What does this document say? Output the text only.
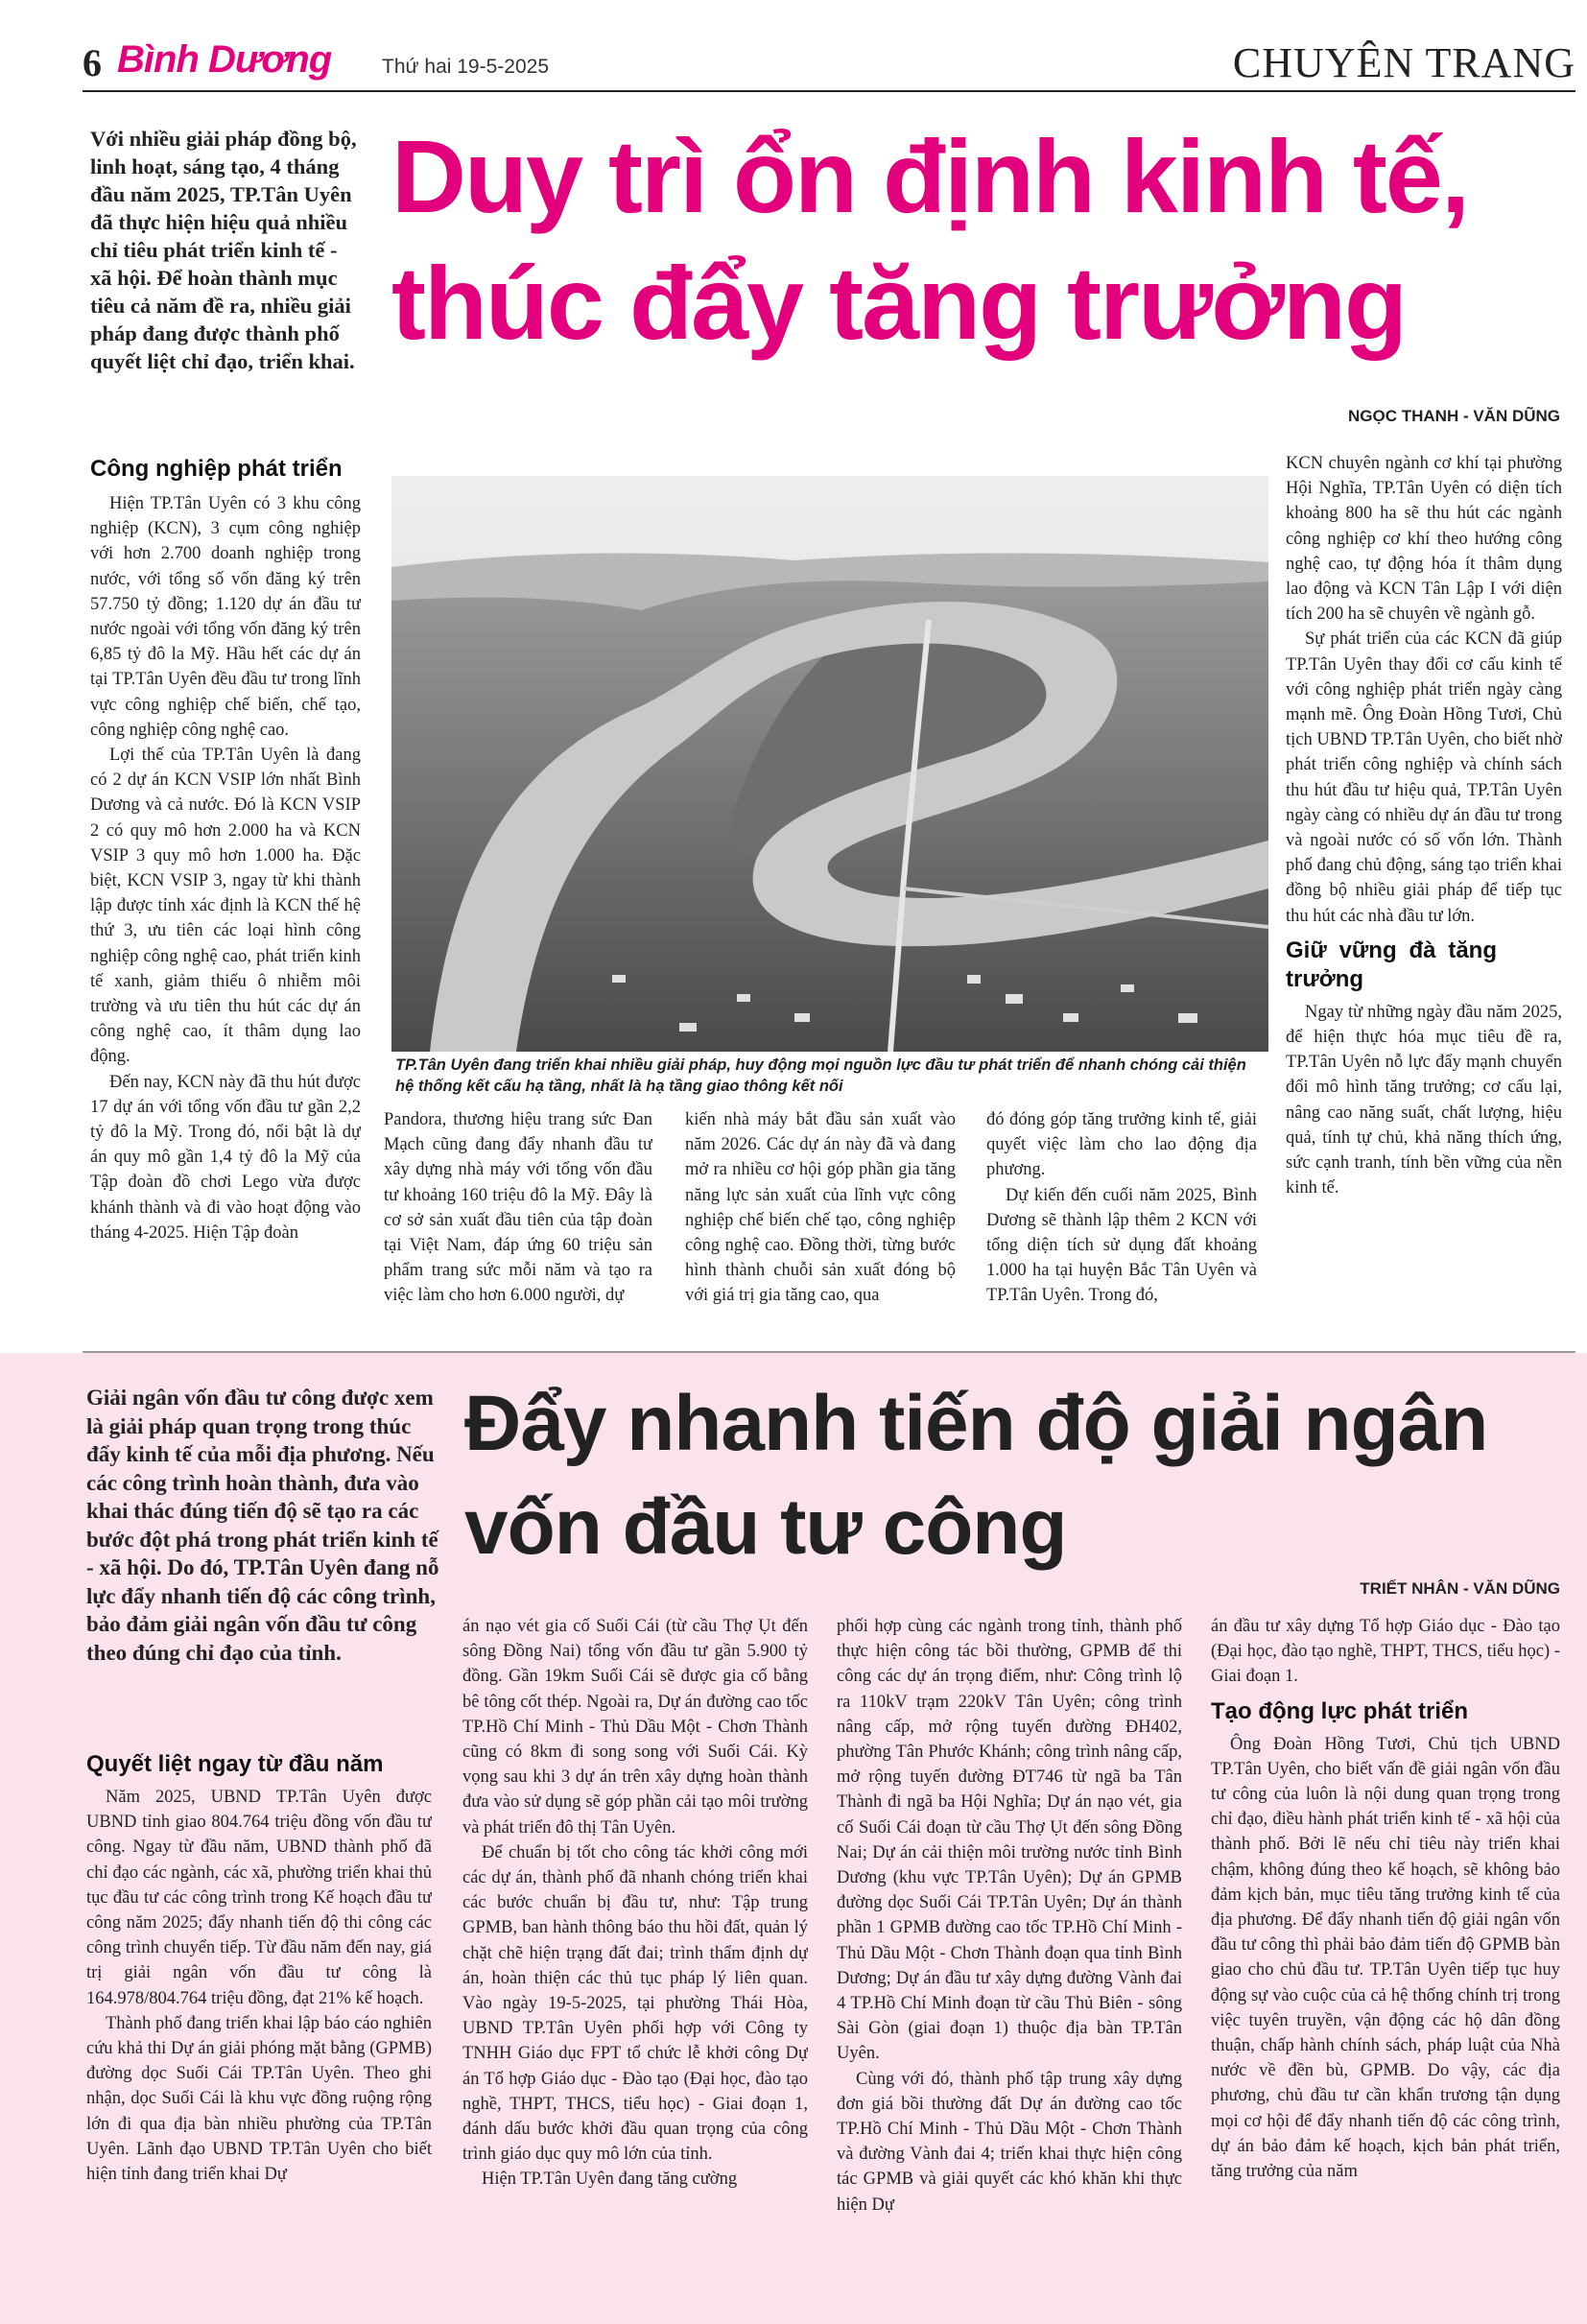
6 Bình Dương	Thứ hai 19-5-2025	CHUYÊN TRANG
Với nhiều giải pháp đồng bộ, linh hoạt, sáng tạo, 4 tháng đầu năm 2025, TP.Tân Uyên đã thực hiện hiệu quả nhiều chỉ tiêu phát triển kinh tế - xã hội. Để hoàn thành mục tiêu cả năm đề ra, nhiều giải pháp đang được thành phố quyết liệt chỉ đạo, triển khai.
Duy trì ổn định kinh tế, thúc đẩy tăng trưởng
NGỌC THANH - VĂN DŨNG
Công nghiệp phát triển

Hiện TP.Tân Uyên có 3 khu công nghiệp (KCN), 3 cụm công nghiệp với hơn 2.700 doanh nghiệp trong nước, với tổng số vốn đăng ký trên 57.750 tỷ đồng; 1.120 dự án đầu tư nước ngoài với tổng vốn đăng ký trên 6,85 tỷ đô la Mỹ. Hầu hết các dự án tại TP.Tân Uyên đều đầu tư trong lĩnh vực công nghiệp chế biến, chế tạo, công nghiệp công nghệ cao.

Lợi thế của TP.Tân Uyên là đang có 2 dự án KCN VSIP lớn nhất Bình Dương và cả nước. Đó là KCN VSIP 2 có quy mô hơn 2.000 ha và KCN VSIP 3 quy mô hơn 1.000 ha. Đặc biệt, KCN VSIP 3, ngay từ khi thành lập được tỉnh xác định là KCN thế hệ thứ 3, ưu tiên các loại hình công nghiệp công nghệ cao, phát triển kinh tế xanh, giảm thiểu ô nhiễm môi trường và ưu tiên thu hút các dự án công nghệ cao, ít thâm dụng lao động.

Đến nay, KCN này đã thu hút được 17 dự án với tổng vốn đầu tư gần 2,2 tỷ đô la Mỹ. Trong đó, nổi bật là dự án quy mô gần 1,4 tỷ đô la Mỹ của Tập đoàn đồ chơi Lego vừa được khánh thành và đi vào hoạt động vào tháng 4-2025. Hiện Tập đoàn

TP.Tân Uyên đang triển khai nhiều giải pháp, huy động mọi nguồn lực đầu tư phát triển để nhanh chóng cải thiện hệ thống kết cấu hạ tầng, nhất là hạ tầng giao thông kết nối

Pandora, thương hiệu trang sức Đan Mạch cũng đang đẩy nhanh đầu tư xây dựng nhà máy với tổng vốn đầu tư khoảng 160 triệu đô la Mỹ. Đây là cơ sở sản xuất đầu tiên của tập đoàn tại Việt Nam, đáp ứng 60 triệu sản phẩm trang sức mỗi năm và tạo ra việc làm cho hơn 6.000 người, dự

kiến nhà máy bắt đầu sản xuất vào năm 2026. Các dự án này đã và đang mở ra nhiều cơ hội góp phần gia tăng năng lực sản xuất của lĩnh vực công nghiệp chế biến chế tạo, công nghiệp công nghệ cao. Đồng thời, từng bước hình thành chuỗi sản xuất đóng bộ với giá trị gia tăng cao, qua

đó đóng góp tăng trưởng kinh tế, giải quyết việc làm cho lao động địa phương.

Dự kiến đến cuối năm 2025, Bình Dương sẽ thành lập thêm 2 KCN với tổng diện tích sử dụng đất khoảng 1.000 ha tại huyện Bắc Tân Uyên và TP.Tân Uyên. Trong đó,

KCN chuyên ngành cơ khí tại phường Hội Nghĩa, TP.Tân Uyên có diện tích khoảng 800 ha sẽ thu hút các ngành công nghiệp cơ khí theo hướng công nghệ cao, tự động hóa ít thâm dụng lao động và KCN Tân Lập I với diện tích 200 ha sẽ chuyên về ngành gỗ.

Sự phát triển của các KCN đã giúp TP.Tân Uyên thay đổi cơ cấu kinh tế với công nghiệp phát triển ngày càng mạnh mẽ. Ông Đoàn Hồng Tươi, Chủ tịch UBND TP.Tân Uyên, cho biết nhờ phát triển công nghiệp và chính sách thu hút đầu tư hiệu quả, TP.Tân Uyên ngày càng có nhiều dự án đầu tư trong và ngoài nước có số vốn lớn. Thành phố đang chủ động, sáng tạo triển khai đồng bộ nhiều giải pháp để tiếp tục thu hút các nhà đầu tư lớn.

Giữ vững đà tăng trưởng

Ngay từ những ngày đầu năm 2025, để hiện thực hóa mục tiêu đề ra, TP.Tân Uyên nỗ lực đẩy mạnh chuyển đổi mô hình tăng trưởng; cơ cấu lại, nâng cao năng suất, chất lượng, hiệu quả, tính tự chủ, khả năng thích ứng, sức cạnh tranh, tính bền vững của nền kinh tế.

Giải ngân vốn đầu tư công được xem là giải pháp quan trọng trong thúc đẩy kinh tế của mỗi địa phương. Nếu các công trình hoàn thành, đưa vào khai thác đúng tiến độ sẽ tạo ra các bước đột phá trong phát triển kinh tế - xã hội. Do đó, TP.Tân Uyên đang nỗ lực đẩy nhanh tiến độ các công trình, bảo đảm giải ngân vốn đầu tư công theo đúng chỉ đạo của tỉnh.
Đẩy nhanh tiến độ giải ngân vốn đầu tư công
TRIẾT NHÂN - VĂN DŨNG
Quyết liệt ngay từ đầu năm

Năm 2025, UBND TP.Tân Uyên được UBND tỉnh giao 804.764 triệu đồng vốn đầu tư công. Ngay từ đầu năm, UBND thành phố đã chỉ đạo các ngành, các xã, phường triển khai thủ tục đầu tư các công trình trong Kế hoạch đầu tư công năm 2025; đẩy nhanh tiến độ thi công các công trình chuyển tiếp. Từ đầu năm đến nay, giá trị giải ngân vốn đầu tư công là 164.978/804.764 triệu đồng, đạt 21% kế hoạch.

Thành phố đang triển khai lập báo cáo nghiên cứu khả thi Dự án giải phóng mặt bằng (GPMB) đường dọc Suối Cái TP.Tân Uyên. Theo ghi nhận, dọc Suối Cái là khu vực đồng ruộng rộng lớn đi qua địa bàn nhiều phường của TP.Tân Uyên. Lãnh đạo UBND TP.Tân Uyên cho biết hiện tỉnh đang triển khai Dự

án nạo vét gia cố Suối Cái (từ cầu Thợ Ụt đến sông Đồng Nai) tổng vốn đầu tư gần 5.900 tỷ đồng. Gần 19km Suối Cái sẽ được gia cố bằng bê tông cốt thép. Ngoài ra, Dự án đường cao tốc TP.Hồ Chí Minh - Thủ Dầu Một - Chơn Thành cũng có 8km đi song song với Suối Cái. Kỳ vọng sau khi 3 dự án trên xây dựng hoàn thành đưa vào sử dụng sẽ góp phần cải tạo môi trường và phát triển đô thị Tân Uyên.

Để chuẩn bị tốt cho công tác khởi công mới các dự án, thành phố đã nhanh chóng triển khai các bước chuẩn bị đầu tư, như: Tập trung GPMB, ban hành thông báo thu hồi đất, quản lý chặt chẽ hiện trạng đất đai; trình thẩm định dự án, hoàn thiện các thủ tục pháp lý liên quan. Vào ngày 19-5-2025, tại phường Thái Hòa, UBND TP.Tân Uyên phối hợp với Công ty TNHH Giáo dục FPT tổ chức lễ khởi công Dự án Tổ hợp Giáo dục - Đào tạo (Đại học, đào tạo nghề, THPT, THCS, tiểu học) - Giai đoạn 1, đánh dấu bước khởi đầu quan trọng của công trình giáo dục quy mô lớn của tỉnh.

Hiện TP.Tân Uyên đang tăng cường

phối hợp cùng các ngành trong tỉnh, thành phố thực hiện công tác bồi thường, GPMB để thi công các dự án trọng điểm, như: Công trình lộ ra 110kV trạm 220kV Tân Uyên; công trình nâng cấp, mở rộng tuyến đường ĐH402, phường Tân Phước Khánh; công trình nâng cấp, mở rộng tuyến đường ĐT746 từ ngã ba Tân Thành đi ngã ba Hội Nghĩa; Dự án nạo vét, gia cố Suối Cái đoạn từ cầu Thợ Ụt đến sông Đồng Nai; Dự án cải thiện môi trường nước tỉnh Bình Dương (khu vực TP.Tân Uyên); Dự án GPMB đường dọc Suối Cái TP.Tân Uyên; Dự án thành phần 1 GPMB đường cao tốc TP.Hồ Chí Minh - Thủ Dầu Một - Chơn Thành đoạn qua tỉnh Bình Dương; Dự án đầu tư xây dựng đường Vành đai 4 TP.Hồ Chí Minh đoạn từ cầu Thủ Biên - sông Sài Gòn (giai đoạn 1) thuộc địa bàn TP.Tân Uyên.

Cùng với đó, thành phố tập trung xây dựng đơn giá bồi thường đất Dự án đường cao tốc TP.Hồ Chí Minh - Thủ Dầu Một - Chơn Thành và đường Vành đai 4; triển khai thực hiện công tác GPMB và giải quyết các khó khăn khi thực hiện Dự

án đầu tư xây dựng Tổ hợp Giáo dục - Đào tạo (Đại học, đào tạo nghề, THPT, THCS, tiểu học) - Giai đoạn 1.

Tạo động lực phát triển

Ông Đoàn Hồng Tươi, Chủ tịch UBND TP.Tân Uyên, cho biết vấn đề giải ngân vốn đầu tư công của luôn là nội dung quan trọng trong chỉ đạo, điều hành phát triển kinh tế - xã hội của thành phố. Bởi lẽ nếu chỉ tiêu này triển khai chậm, không đúng theo kế hoạch, sẽ không bảo đảm kịch bản, mục tiêu tăng trưởng kinh tế của địa phương. Để đẩy nhanh tiến độ giải ngân vốn đầu tư công thì phải bảo đảm tiến độ GPMB bàn giao cho chủ đầu tư. TP.Tân Uyên tiếp tục huy động sự vào cuộc của cả hệ thống chính trị trong việc tuyên truyền, vận động các hộ dân đồng thuận, chấp hành chính sách, pháp luật của Nhà nước về đền bù, GPMB. Do vậy, các địa phương, chủ đầu tư cần khẩn trương tận dụng mọi cơ hội để đẩy nhanh tiến độ các công trình, dự án bảo đảm kế hoạch, kịch bản phát triển, tăng trưởng của năm
